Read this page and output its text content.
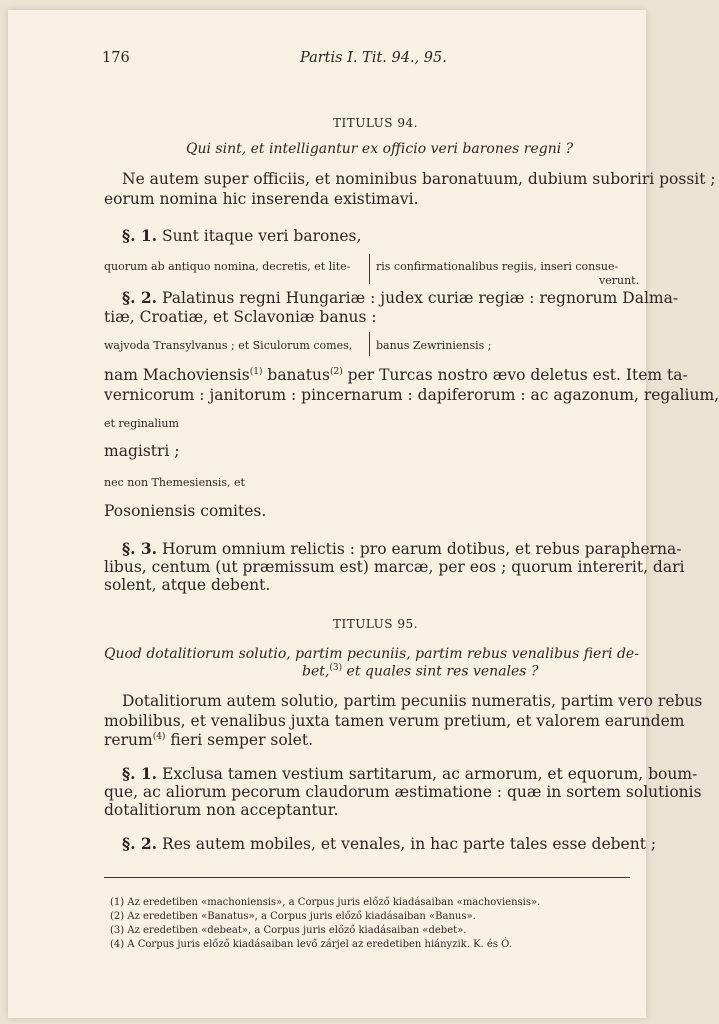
176	Partis I. Tit. 94., 95.
TITULUS 94.
Qui sint, et intelligantur ex officio veri barones regni ?
Ne autem super officiis, et nominibus baronatuum, dubium suboriri possit ;
eorum nomina hic inserenda existimavi.
§. 1. Sunt itaque veri barones,
quorum ab antiquo nomina, decretis, et lite- ris confirmationalibus regiis, inseri consue-
verunt.
§. 2. Palatinus regni Hungariæ : judex curiæ regiæ : regnorum Dalma-
tiæ, Croatiæ, et Sclavoniæ banus :
wajvoda Transylvanus ; et Siculorum comes, banus Zewriniensis ;
nam Machoviensis$^{(1)}$ banatus$^{(2)}$ per Turcas nostro ævo deletus est. Item ta-
vernicorum : janitorum : pincernarum : dapiferorum : ac agazonum, regalium,
et reginalium
magistri ;
nec non Themesiensis, et
Posoniensis comites.
§. 3. Horum omnium relictis : pro earum dotibus, et rebus paraphernа-
libus, centum (ut præmissum est) marcæ, per eos ; quorum intererit, dari
solent, atque debent.
TITULUS 95.
Quod dotalitiorum solutio, partim pecuniis, partim rebus venalibus fieri de-
bet,$^{(3)}$ et quales sint res venales ?
Dotalitiorum autem solutio, partim pecuniis numeratis, partim vero rebus
mobilibus, et venalibus juxta tamen verum pretium, et valorem earundem
rerum$^{(4)}$ fieri semper solet.
§. 1. Exclusa tamen vestium sartitarum, ac armorum, et equorum, boum-
que, ac aliorum pecorum claudorum æstimatione : quæ in sortem solutionis
dotalitiorum non acceptantur.
§. 2. Res autem mobiles, et venales, in hac parte tales esse debent ;
(1) Az eredetiben «machoniensis», a Corpus juris előző kiadásaiban «machoviensis».
(2) Az eredetiben «Banatus», a Corpus juris előző kiadásaiban «Banus».
(3) Az eredetiben «debeat», a Corpus juris előző kiadásaiban «debet».
(4) A Corpus juris előző kiadásaiban levő zárjel az eredetiben hiányzik. K. és Ó.
